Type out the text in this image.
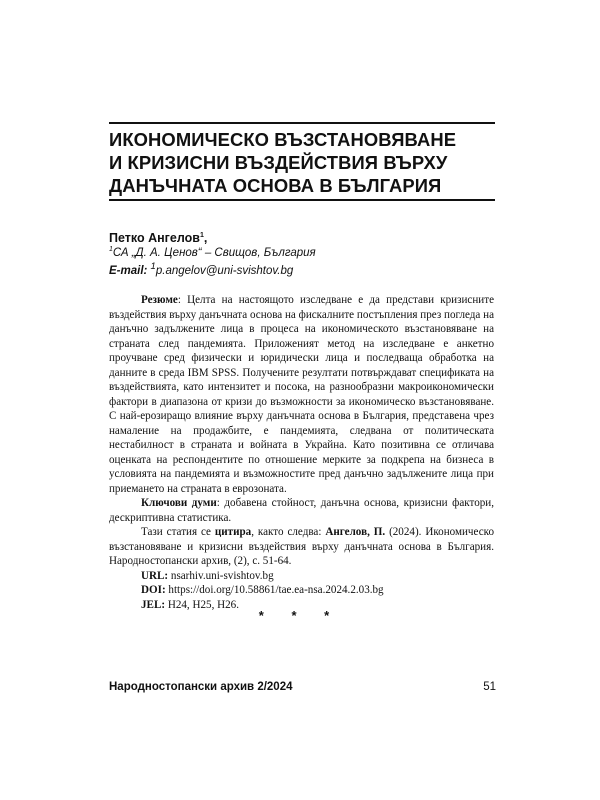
ИКОНОМИЧЕСКО ВЪЗСТАНОВЯВАНЕ
И КРИЗИСНИ ВЪЗДЕЙСТВИЯ ВЪРХУ
ДАНЪЧНАТА ОСНОВА В БЪЛГАРИЯ
Петко Ангелов$^1$,
$^1$СА „Д. А. Ценов“ – Свищов, България
E-mail: $^1$p.angelov@uni-svishtov.bg

Резюме: Целта на настоящото изследване е да представи кризисните въздействия върху данъчната основа на фискалните постъпления през погледа на данъчно задължените лица в процеса на икономическото възстановяване на страната след пандемията. Приложеният метод на изследване е анкетно проучване сред физически и юридически лица и последваща обработка на данните в среда IBM SPSS. Получените резултати потвърждават спецификата на въздействията, като интензитет и посока, на разнообразни макроикономически фактори в диапазона от кризи до възможности за икономическо възстановяване. С най-ерозиращо влияние върху данъчната основа в България, представена чрез намаление на продажбите, е пандемията, следвана от политическата нестабилност в страната и войната в Украйна. Като позитивна се отличава оценката на респондентите по отношение мерките за подкрепа на бизнеса в условията на пандемията и възможностите пред данъчно задължените лица при приемането на страната в еврозоната.

Ключови думи: добавена стойност, данъчна основа, кризисни фактори, дескриптивна статистика.

Тази статия се цитира, както следва: Ангелов, П. (2024). Икономическо възстановяване и кризисни въздействия върху данъчната основа в България. Народностопански архив, (2), с. 51-64.

URL: nsarhiv.uni-svishtov.bg
DOI: https://doi.org/10.58861/tae.ea-nsa.2024.2.03.bg
JEL: H24, H25, H26.
* * *
Народностопански архив 2/2024	51
